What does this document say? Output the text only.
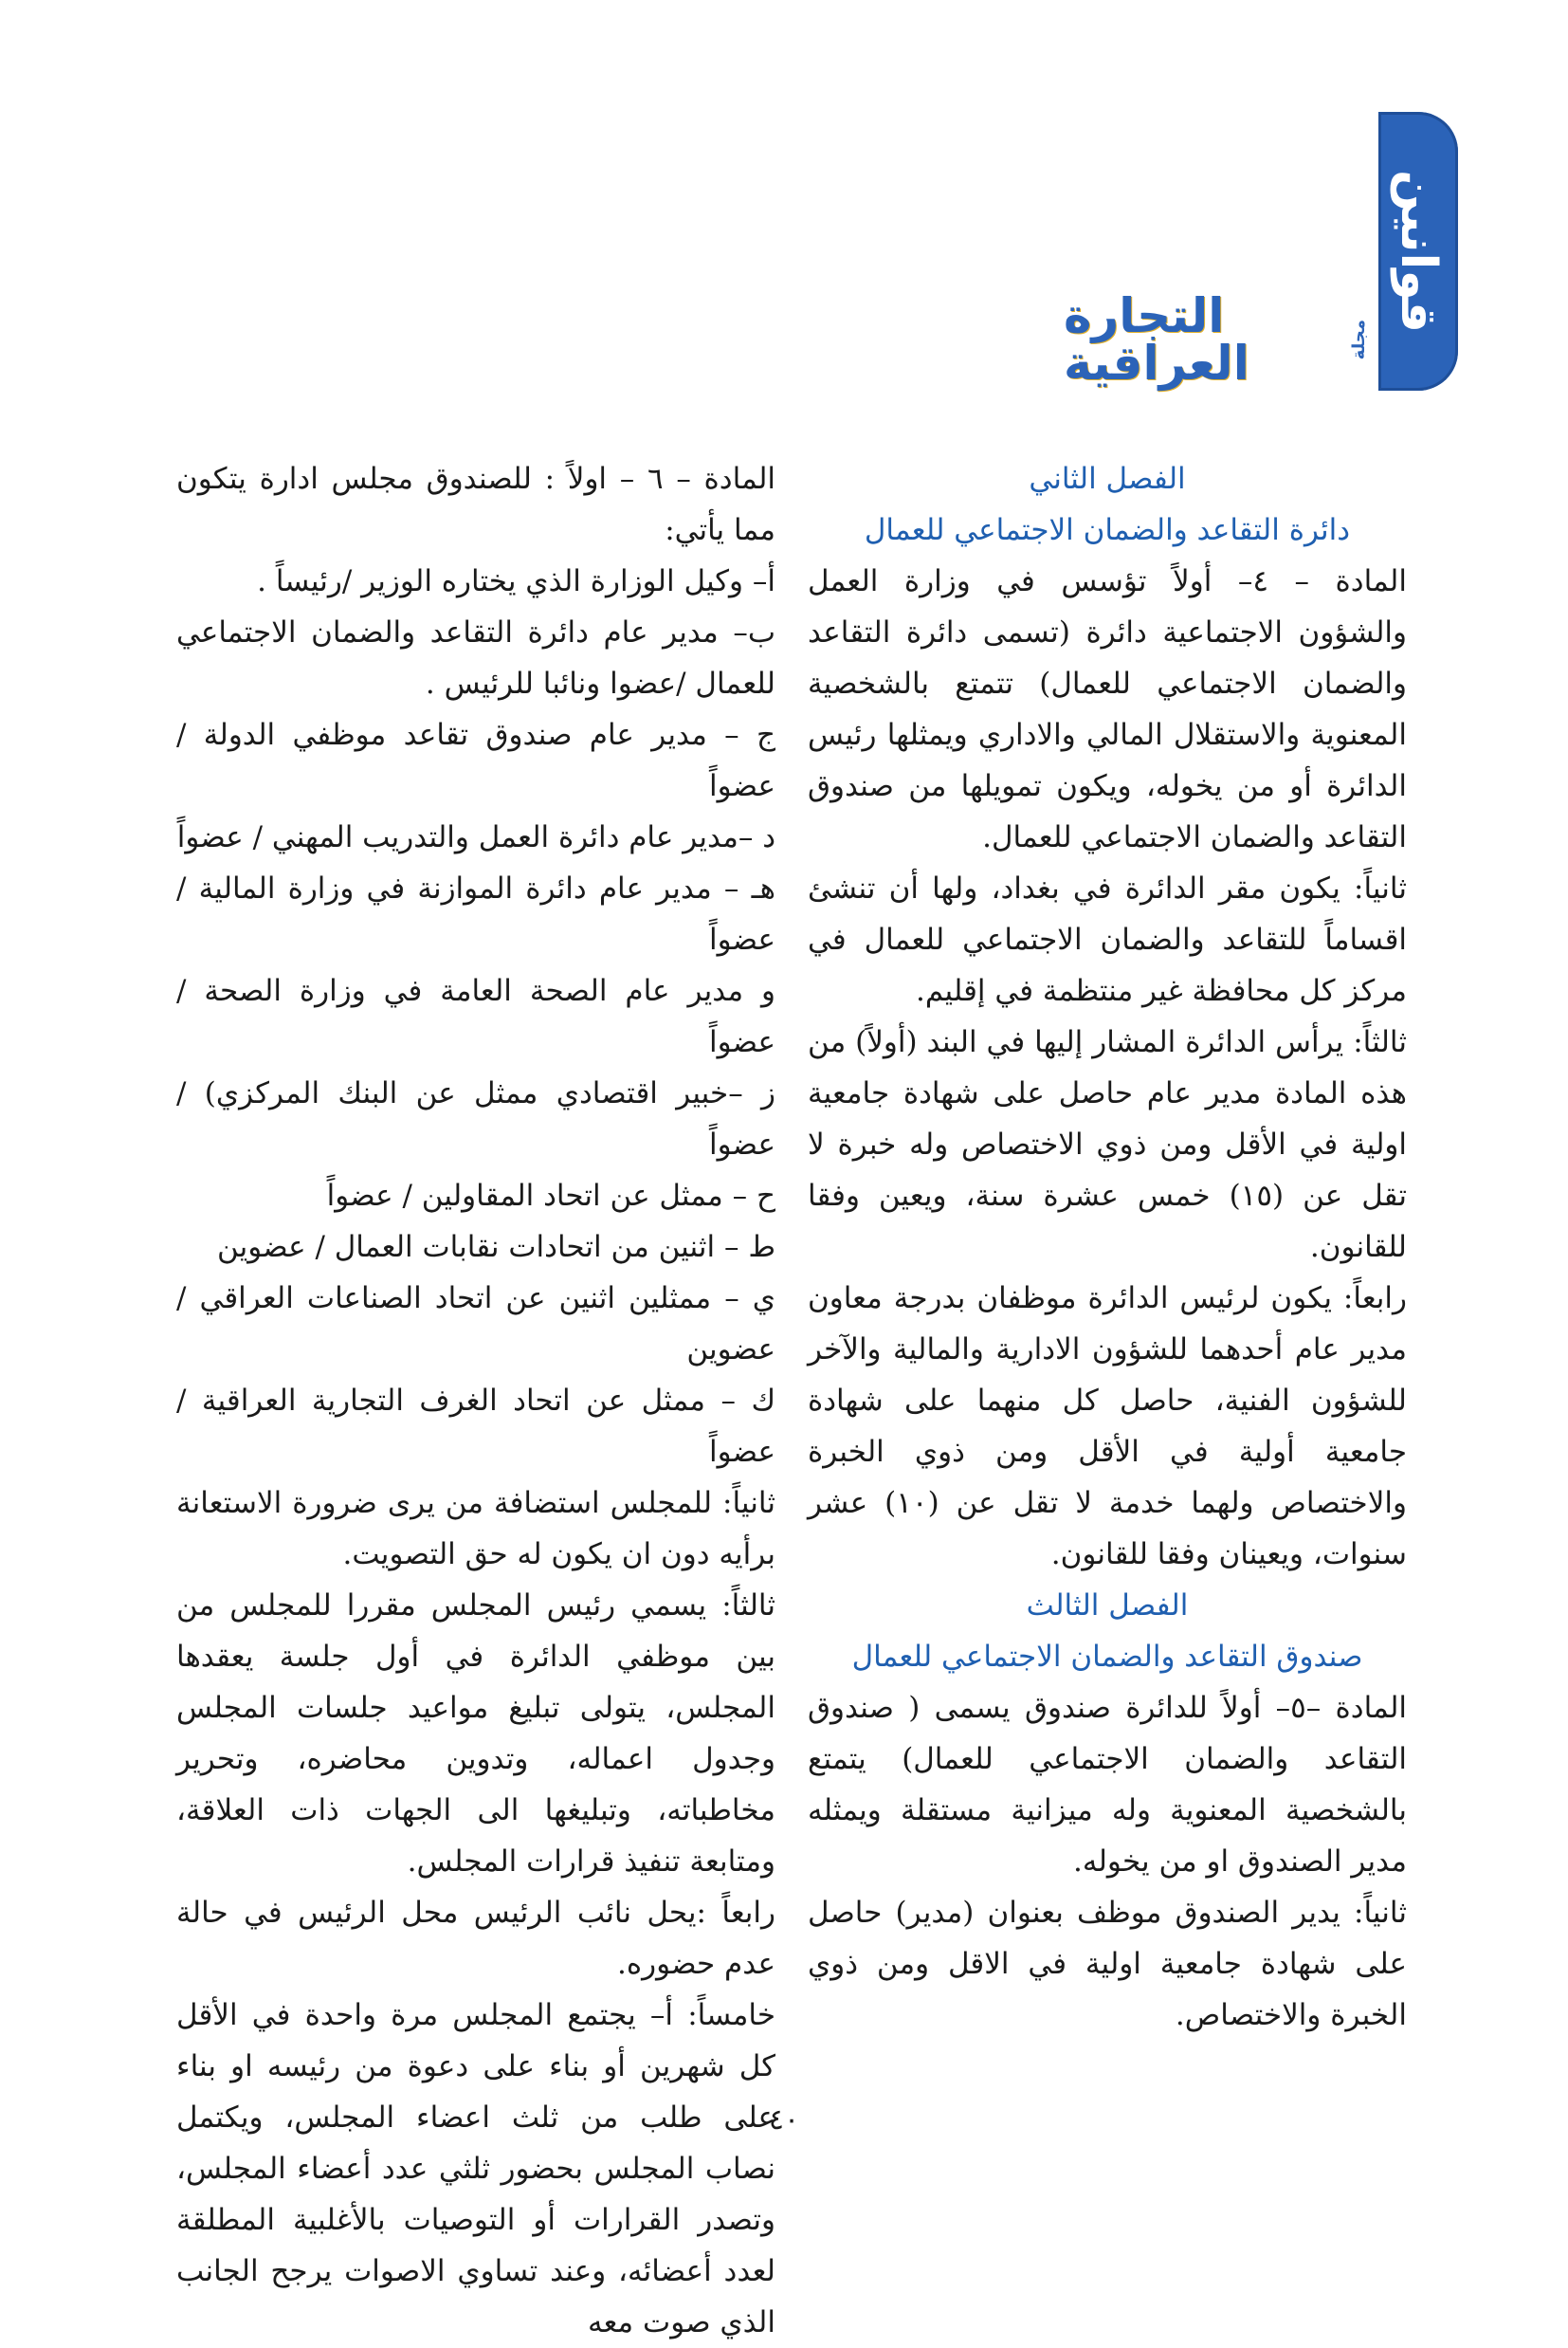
قوانين
التجارة العراقية	مجلة

الفصل الثاني

دائرة التقاعد والضمان الاجتماعي للعمال

المادة – ٤– أولاً تؤسس في وزارة العمل والشؤون الاجتماعية دائرة (تسمى دائرة التقاعد والضمان الاجتماعي للعمال) تتمتع بالشخصية المعنوية والاستقلال المالي والاداري ويمثلها رئيس الدائرة أو من يخوله، ويكون تمويلها من صندوق التقاعد والضمان الاجتماعي للعمال.

ثانياً: يكون مقر الدائرة في بغداد، ولها أن تنشئ اقساماً للتقاعد والضمان الاجتماعي للعمال في مركز كل محافظة غير منتظمة في إقليم.

ثالثاً: يرأس الدائرة المشار إليها في البند (أولاً) من هذه المادة مدير عام حاصل على شهادة جامعية اولية في الأقل ومن ذوي الاختصاص وله خبرة لا تقل عن (١٥) خمس عشرة سنة، ويعين وفقا للقانون.

رابعاً: يكون لرئيس الدائرة موظفان بدرجة معاون مدير عام أحدهما للشؤون الادارية والمالية والآخر للشؤون الفنية، حاصل كل منهما على شهادة جامعية أولية في الأقل ومن ذوي الخبرة والاختصاص ولهما خدمة لا تقل عن (١٠) عشر سنوات، ويعينان وفقا للقانون.

الفصل الثالث

صندوق التقاعد والضمان الاجتماعي للعمال

المادة –٥– أولاً للدائرة صندوق يسمى ( صندوق التقاعد والضمان الاجتماعي للعمال) يتمتع بالشخصية المعنوية وله ميزانية مستقلة ويمثله مدير الصندوق او من يخوله.

ثانياً: يدير الصندوق موظف بعنوان (مدير) حاصل على شهادة جامعية اولية في الاقل ومن ذوي الخبرة والاختصاص.

المادة – ٦ – اولاً : للصندوق مجلس ادارة يتكون مما يأتي:

أ– وكيل الوزارة الذي يختاره الوزير /رئيساً .

ب– مدير عام دائرة التقاعد والضمان الاجتماعي للعمال /عضوا ونائبا للرئيس .

ج – مدير عام صندوق تقاعد موظفي الدولة / عضواً

د –مدير عام دائرة العمل والتدريب المهني / عضواً

هـ – مدير عام دائرة الموازنة في وزارة المالية / عضواً

و مدير عام الصحة العامة في وزارة الصحة / عضواً

ز –خبير اقتصادي ممثل عن البنك المركزي) / عضواً

ح – ممثل عن اتحاد المقاولين / عضواً

ط – اثنين من اتحادات نقابات العمال / عضوين

ي – ممثلين اثنين عن اتحاد الصناعات العراقي / عضوين

ك – ممثل عن اتحاد الغرف التجارية العراقية / عضواً

ثانياً: للمجلس استضافة من يرى ضرورة الاستعانة برأيه دون ان يكون له حق التصويت.

ثالثاً: يسمي رئيس المجلس مقررا للمجلس من بين موظفي الدائرة في أول جلسة يعقدها المجلس، يتولى تبليغ مواعيد جلسات المجلس وجدول اعماله، وتدوين محاضره، وتحرير مخاطباته، وتبليغها الى الجهات ذات العلاقة، ومتابعة تنفيذ قرارات المجلس.

رابعاً :يحل نائب الرئيس محل الرئيس في حالة عدم حضوره.

خامساً: أ– يجتمع المجلس مرة واحدة في الأقل كل شهرين أو بناء على دعوة من رئيسه او بناء على طلب من ثلث اعضاء المجلس، ويكتمل نصاب المجلس بحضور ثلثي عدد أعضاء المجلس، وتصدر القرارات أو التوصيات بالأغلبية المطلقة لعدد أعضائه، وعند تساوي الاصوات يرجح الجانب الذي صوت معه

٤٠
